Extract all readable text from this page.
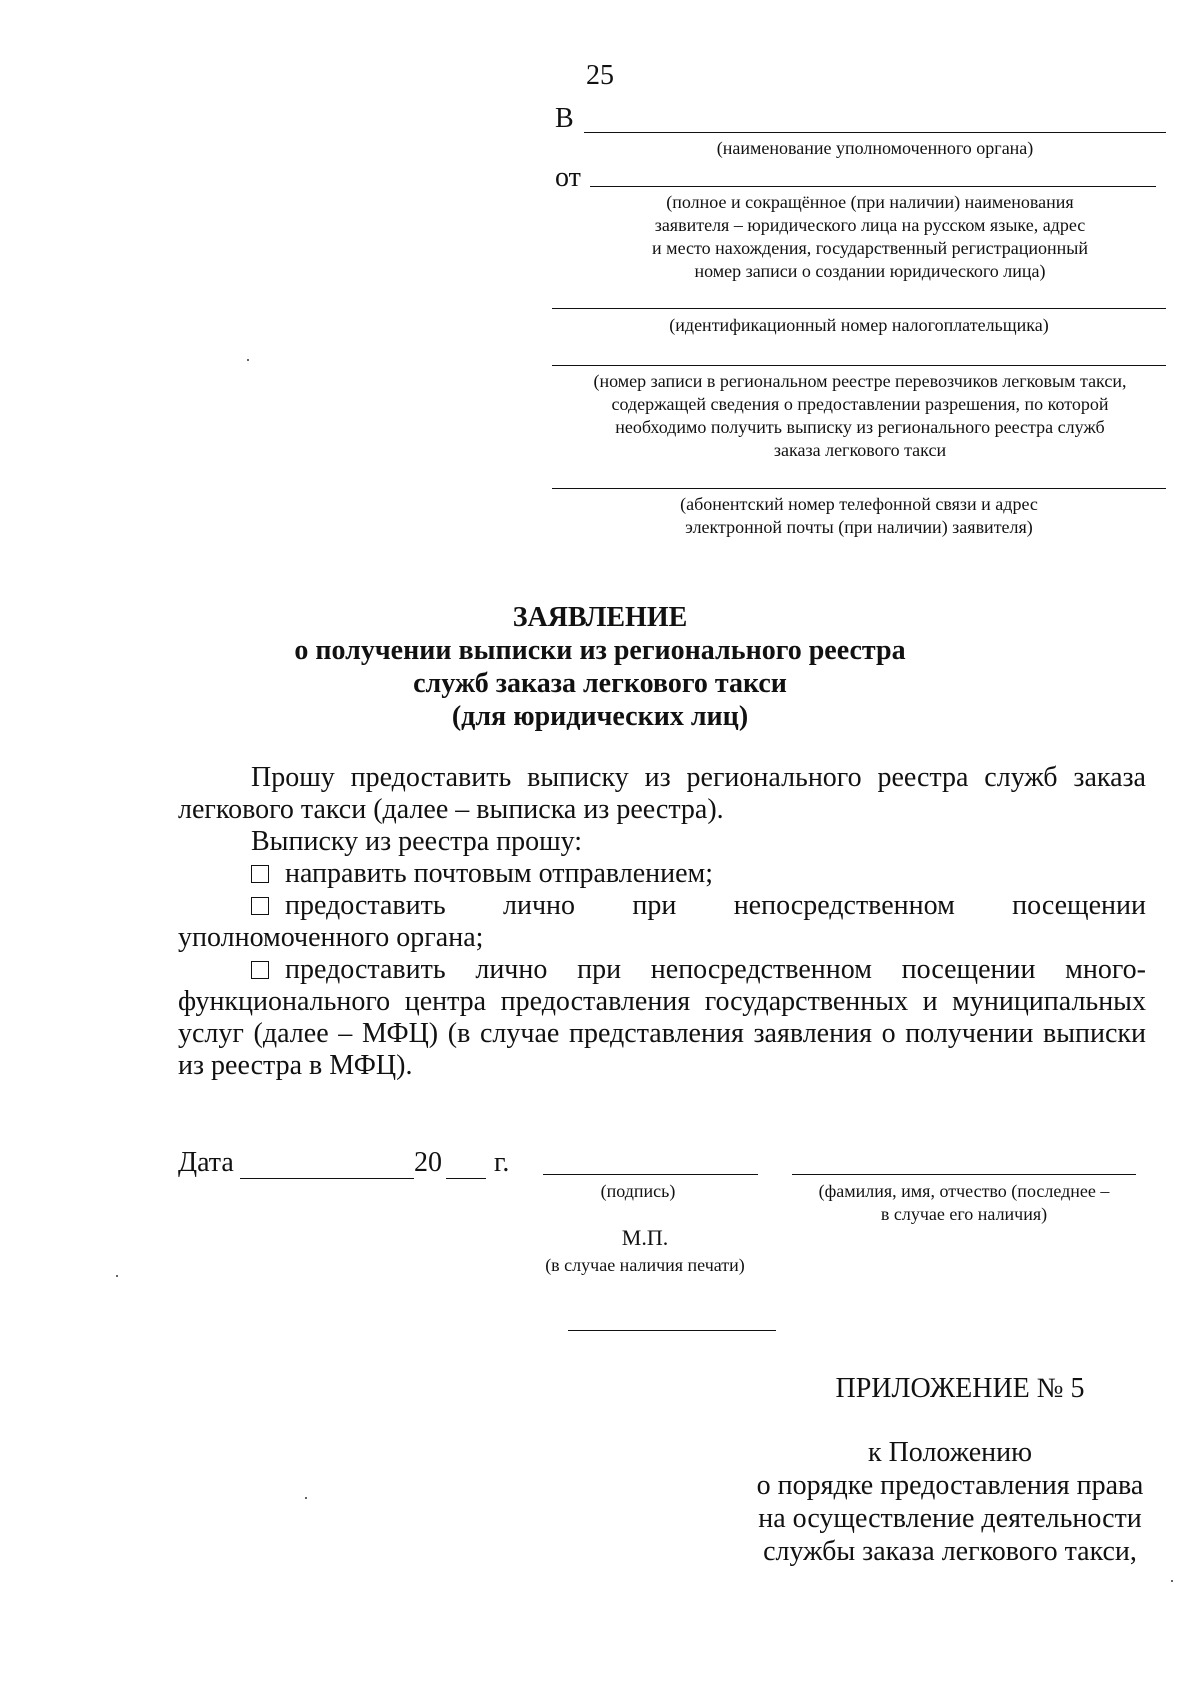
25
В
(наименование уполномоченного органа)
от
(полное и сокращённое (при наличии) наименования
заявителя – юридического лица на русском языке, адрес
и место нахождения, государственный регистрационный
номер записи о создании юридического лица)
(идентификационный номер налогоплательщика)
(номер записи в региональном реестре перевозчиков легковым такси,
содержащей сведения о предоставлении разрешения, по которой
необходимо получить выписку из регионального реестра служб
заказа легкового такси
(абонентский номер телефонной связи и адрес
электронной почты (при наличии) заявителя)
ЗАЯВЛЕНИЕ
о получении выписки из регионального реестра
служб заказа легкового такси
(для юридических лиц)
Прошу предоставить выписку из регионального реестра служб заказа
легкового такси (далее – выписка из реестра).
Выписку из реестра прошу:
направить почтовым отправлением;
предоставить лично при непосредственном посещении
уполномоченного органа;
предоставить лично при непосредственном посещении много-
функционального центра предоставления государственных и муниципальных
услуг (далее – МФЦ) (в случае представления заявления о получении выписки
из реестра в МФЦ).
Дата	20 г.
(подпись)	(фамилия, имя, отчество (последнее –
в случае его наличия)
М.П.
(в случае наличия печати)
ПРИЛОЖЕНИЕ № 5
к Положению
о порядке предоставления права
на осуществление деятельности
службы заказа легкового такси,
